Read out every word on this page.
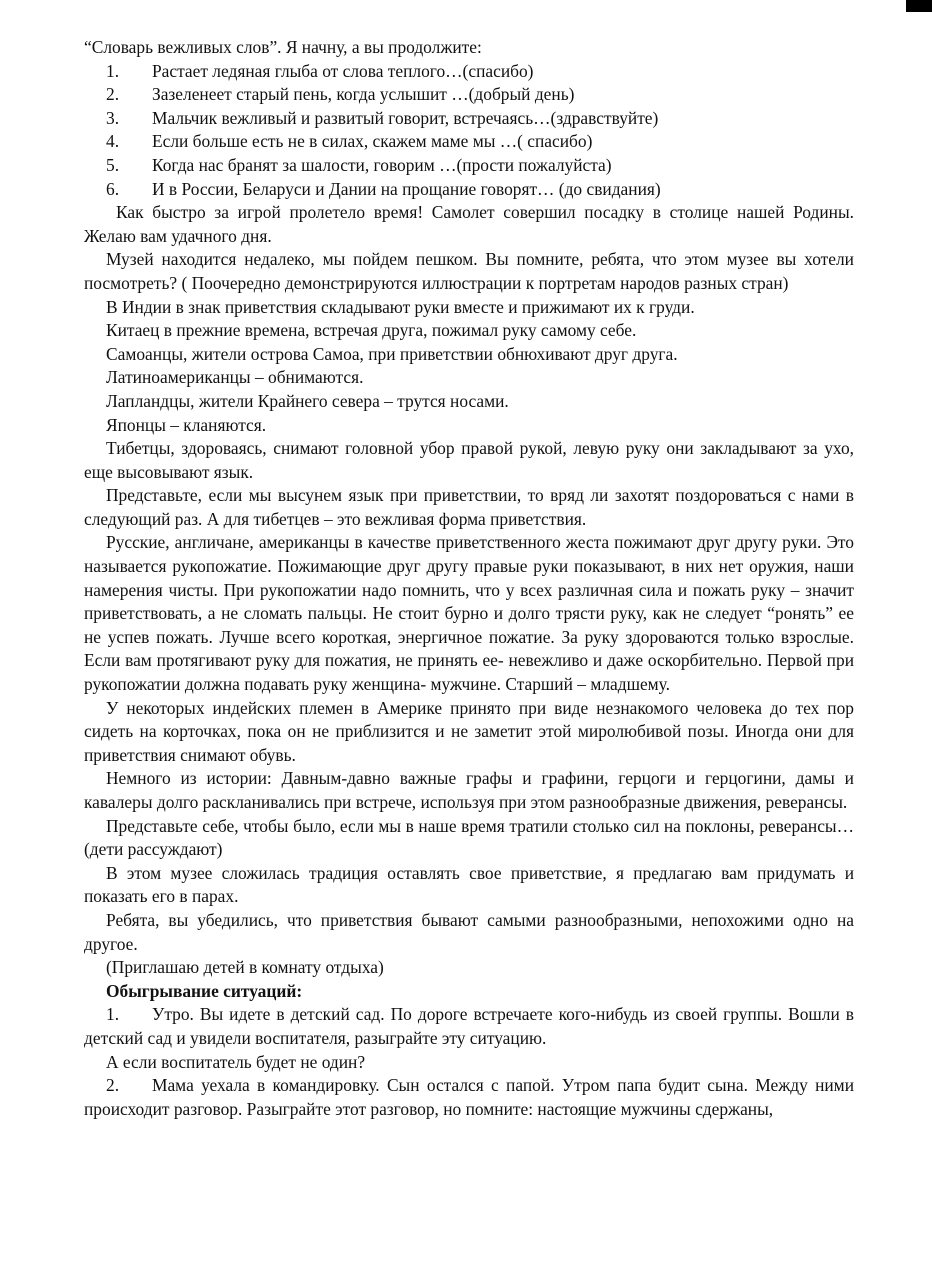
“Словарь вежливых слов”. Я начну, а вы продолжите:
1.	Растает ледяная глыба от слова теплого…(спасибо)
2.	Зазеленеет старый пень, когда услышит …(добрый день)
3.	Мальчик вежливый и развитый говорит, встречаясь…(здравствуйте)
4.	Если больше есть не в силах, скажем маме мы …( спасибо)
5.	Когда нас бранят за шалости, говорим …(прости пожалуйста)
6.	И в России, Беларуси и Дании на прощание говорят… (до свидания)

Как быстро за игрой пролетело время! Самолет совершил посадку в столице нашей Родины. Желаю вам удачного дня.

Музей находится недалеко, мы пойдем пешком. Вы помните, ребята, что этом музее вы хотели посмотреть? ( Поочередно демонстрируются иллюстрации к портретам народов разных стран)

В Индии в знак приветствия складывают руки вместе и прижимают их к груди.

Китаец в прежние времена, встречая друга, пожимал руку самому себе.

Самоанцы, жители острова Самоа, при приветствии обнюхивают друг друга.

Латиноамериканцы – обнимаются.

Лапландцы, жители Крайнего севера – трутся носами.

Японцы – кланяются.

Тибетцы, здороваясь, снимают головной убор правой рукой, левую руку они закладывают за ухо, еще высовывают язык.

Представьте, если мы высунем язык при приветствии, то вряд ли захотят поздороваться с нами в следующий раз. А для тибетцев – это вежливая форма приветствия.

Русские, англичане, американцы в качестве приветственного жеста пожимают друг другу руки. Это называется рукопожатие. Пожимающие друг другу правые руки показывают, в них нет оружия, наши намерения чисты. При рукопожатии надо помнить, что у всех различная сила и пожать руку – значит приветствовать, а не сломать пальцы. Не стоит бурно и долго трясти руку, как не следует “ронять” ее не успев пожать. Лучше всего короткая, энергичное пожатие. За руку здороваются только взрослые. Если вам протягивают руку для пожатия, не принять ее- невежливо и даже оскорбительно. Первой при рукопожатии должна подавать руку женщина- мужчине. Старший – младшему.

У некоторых индейских племен в Америке принято при виде незнакомого человека до тех пор сидеть на корточках, пока он не приблизится и не заметит этой миролюбивой позы. Иногда они для приветствия снимают обувь.

Немного из истории: Давным-давно важные графы и графини, герцоги и герцогини, дамы и кавалеры долго раскланивались при встрече, используя при этом разнообразные движения, реверансы.

Представьте себе, чтобы было, если мы в наше время тратили столько сил на поклоны, реверансы…(дети рассуждают)

В этом музее сложилась традиция оставлять свое приветствие, я предлагаю вам придумать и показать его в парах.

Ребята, вы убедились, что приветствия бывают самыми разнообразными, непохожими одно на другое.

(Приглашаю детей в комнату отдыха)

Обыгрывание ситуаций:

1. Утро. Вы идете в детский сад. По дороге встречаете кого-нибудь из своей группы. Вошли в детский сад и увидели воспитателя, разыграйте эту ситуацию.

А если воспитатель будет не один?

2. Мама уехала в командировку. Сын остался с папой. Утром папа будит сына. Между ними происходит разговор. Разыграйте этот разговор, но помните: настоящие мужчины сдержаны,
